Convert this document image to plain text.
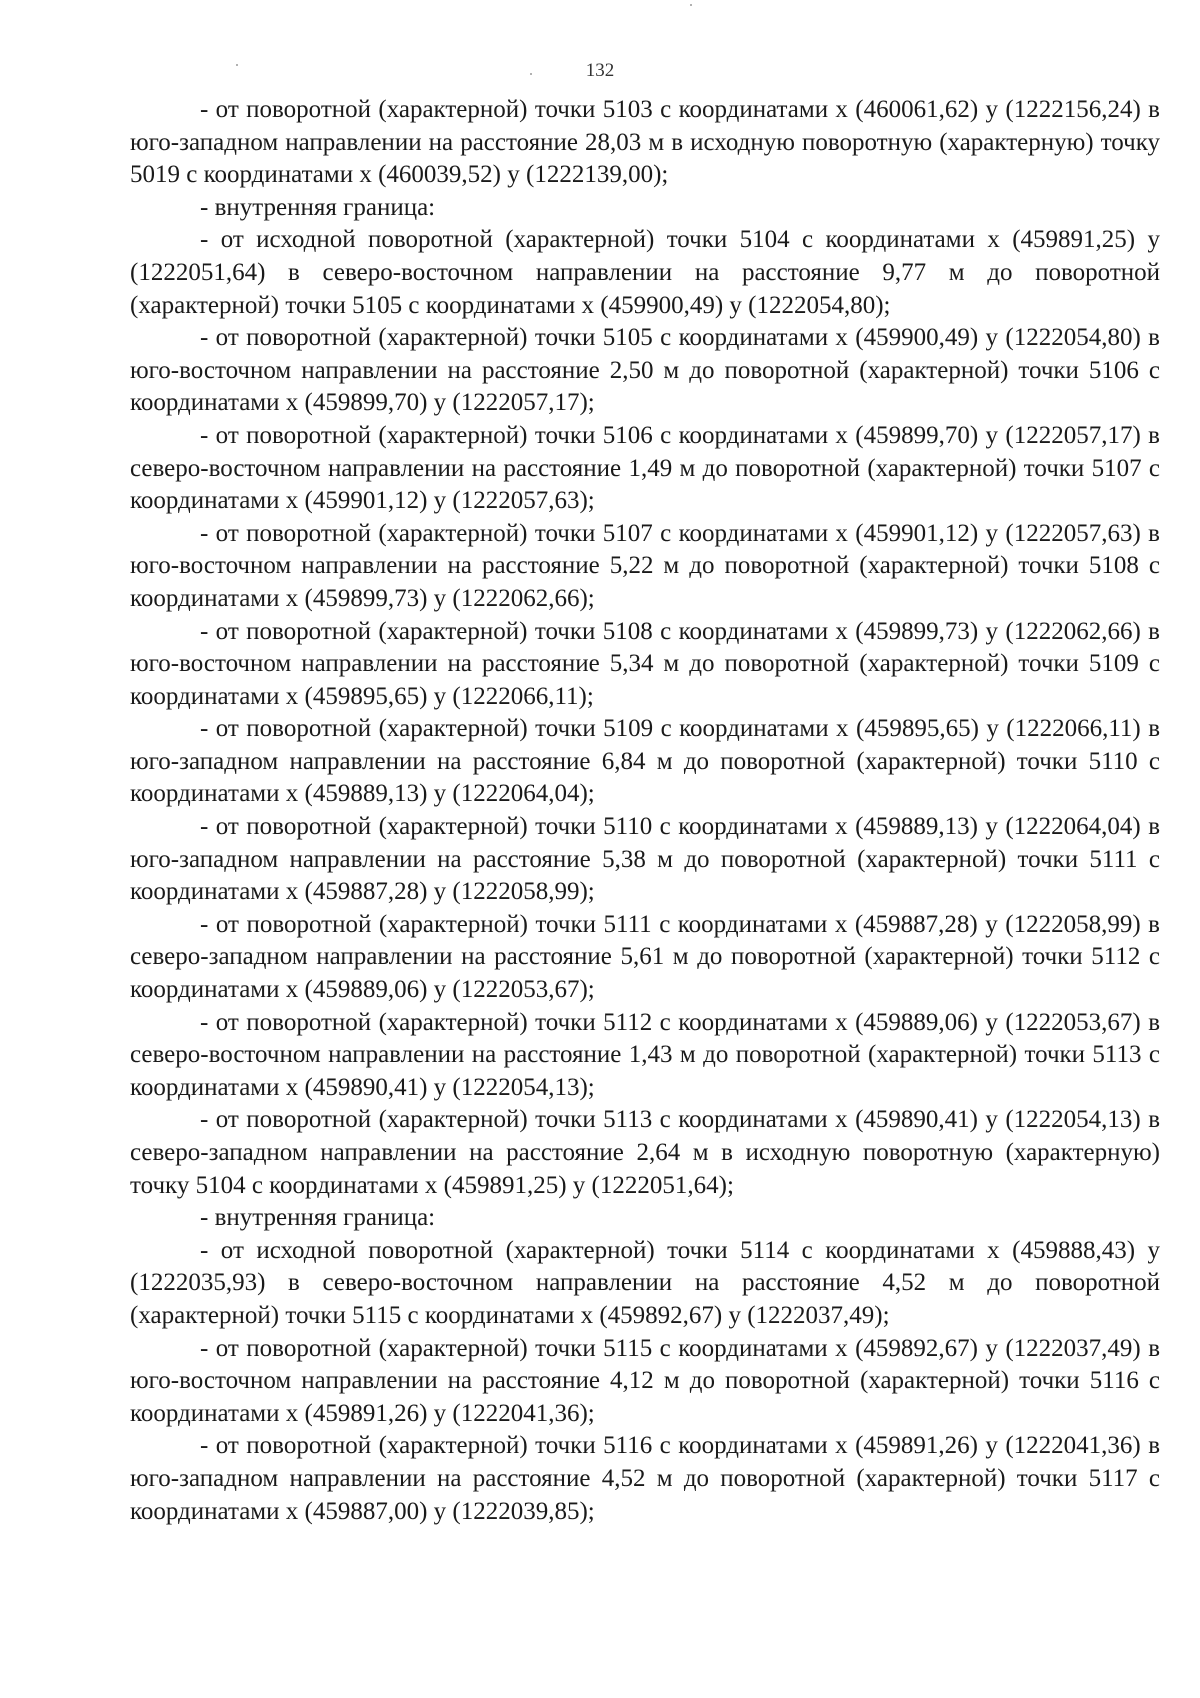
132

- от поворотной (характерной) точки 5103 с координатами х (460061,62) у (1222156,24) в юго-западном направлении на расстояние 28,03 м в исходную поворотную (характерную) точку 5019 с координатами х (460039,52) у (1222139,00);

- внутренняя граница:

- от исходной поворотной (характерной) точки 5104 с координатами х (459891,25) у (1222051,64) в северо-восточном направлении на расстояние 9,77 м до поворотной (характерной) точки 5105 с координатами х (459900,49) у (1222054,80);

- от поворотной (характерной) точки 5105 с координатами х (459900,49) у (1222054,80) в юго-восточном направлении на расстояние 2,50 м до поворотной (характерной) точки 5106 с координатами х (459899,70) у (1222057,17);

- от поворотной (характерной) точки 5106 с координатами х (459899,70) у (1222057,17) в северо-восточном направлении на расстояние 1,49 м до поворотной (характерной) точки 5107 с координатами х (459901,12) у (1222057,63);

- от поворотной (характерной) точки 5107 с координатами х (459901,12) у (1222057,63) в юго-восточном направлении на расстояние 5,22 м до поворотной (характерной) точки 5108 с координатами х (459899,73) у (1222062,66);

- от поворотной (характерной) точки 5108 с координатами х (459899,73) у (1222062,66) в юго-восточном направлении на расстояние 5,34 м до поворотной (характерной) точки 5109 с координатами х (459895,65) у (1222066,11);

- от поворотной (характерной) точки 5109 с координатами х (459895,65) у (1222066,11) в юго-западном направлении на расстояние 6,84 м до поворотной (характерной) точки 5110 с координатами х (459889,13) у (1222064,04);

- от поворотной (характерной) точки 5110 с координатами х (459889,13) у (1222064,04) в юго-западном направлении на расстояние 5,38 м до поворотной (характерной) точки 5111 с координатами х (459887,28) у (1222058,99);

- от поворотной (характерной) точки 5111 с координатами х (459887,28) у (1222058,99) в северо-западном направлении на расстояние 5,61 м до поворотной (характерной) точки 5112 с координатами х (459889,06) у (1222053,67);

- от поворотной (характерной) точки 5112 с координатами х (459889,06) у (1222053,67) в северо-восточном направлении на расстояние 1,43 м до поворотной (характерной) точки 5113 с координатами х (459890,41) у (1222054,13);

- от поворотной (характерной) точки 5113 с координатами х (459890,41) у (1222054,13) в северо-западном направлении на расстояние 2,64 м в исходную поворотную (характерную) точку 5104 с координатами х (459891,25) у (1222051,64);

- внутренняя граница:

- от исходной поворотной (характерной) точки 5114 с координатами х (459888,43) у (1222035,93) в северо-восточном направлении на расстояние 4,52 м до поворотной (характерной) точки 5115 с координатами х (459892,67) у (1222037,49);

- от поворотной (характерной) точки 5115 с координатами х (459892,67) у (1222037,49) в юго-восточном направлении на расстояние 4,12 м до поворотной (характерной) точки 5116 с координатами х (459891,26) у (1222041,36);

- от поворотной (характерной) точки 5116 с координатами х (459891,26) у (1222041,36) в юго-западном направлении на расстояние 4,52 м до поворотной (характерной) точки 5117 с координатами х (459887,00) у (1222039,85);
